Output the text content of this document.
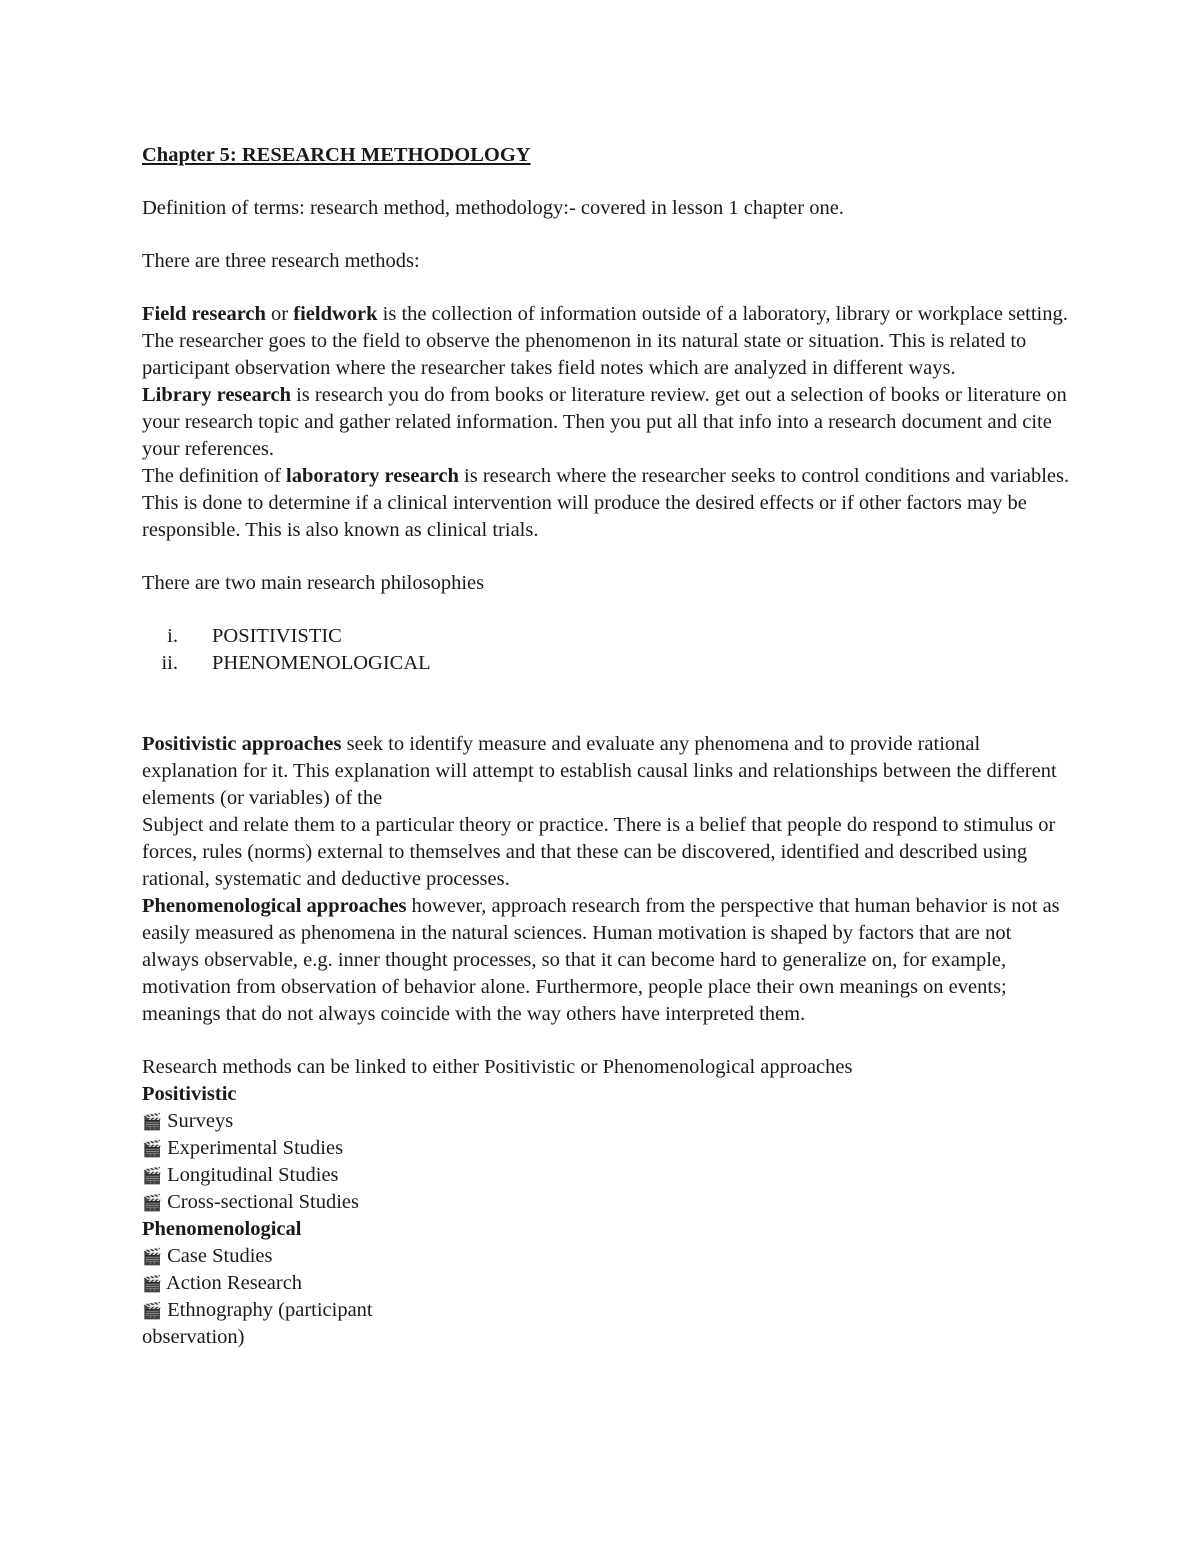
Chapter 5: RESEARCH METHODOLOGY

Definition of terms: research method, methodology:- covered in lesson 1 chapter one.

There are three research methods:

Field research or fieldwork is the collection of information outside of a laboratory, library or workplace setting. The researcher goes to the field to observe the phenomenon in its natural state or situation. This is related to participant observation where the researcher takes field notes which are analyzed in different ways.

Library research is research you do from books or literature review. get out a selection of books or literature on your research topic and gather related information. Then you put all that info into a research document and cite your references.

The definition of laboratory research is research where the researcher seeks to control conditions and variables. This is done to determine if a clinical intervention will produce the desired effects or if other factors may be responsible. This is also known as clinical trials.

There are two main research philosophies

i. POSITIVISTIC
ii. PHENOMENOLOGICAL

Positivistic approaches seek to identify measure and evaluate any phenomena and to provide rational explanation for it. This explanation will attempt to establish causal links and relationships between the different elements (or variables) of the

Subject and relate them to a particular theory or practice. There is a belief that people do respond to stimulus or forces, rules (norms) external to themselves and that these can be discovered, identified and described using rational, systematic and deductive processes.

Phenomenological approaches however, approach research from the perspective that human behavior is not as easily measured as phenomena in the natural sciences. Human motivation is shaped by factors that are not always observable, e.g. inner thought processes, so that it can become hard to generalize on, for example, motivation from observation of behavior alone. Furthermore, people place their own meanings on events; meanings that do not always coincide with the way others have interpreted them.

Research methods can be linked to either Positivistic or Phenomenological approaches

Positivistic

🎬 Surveys
🎬 Experimental Studies
🎬 Longitudinal Studies
🎬 Cross-sectional Studies

Phenomenological

🎬 Case Studies
🎬 Action Research
🎬 Ethnography (participant
observation)
